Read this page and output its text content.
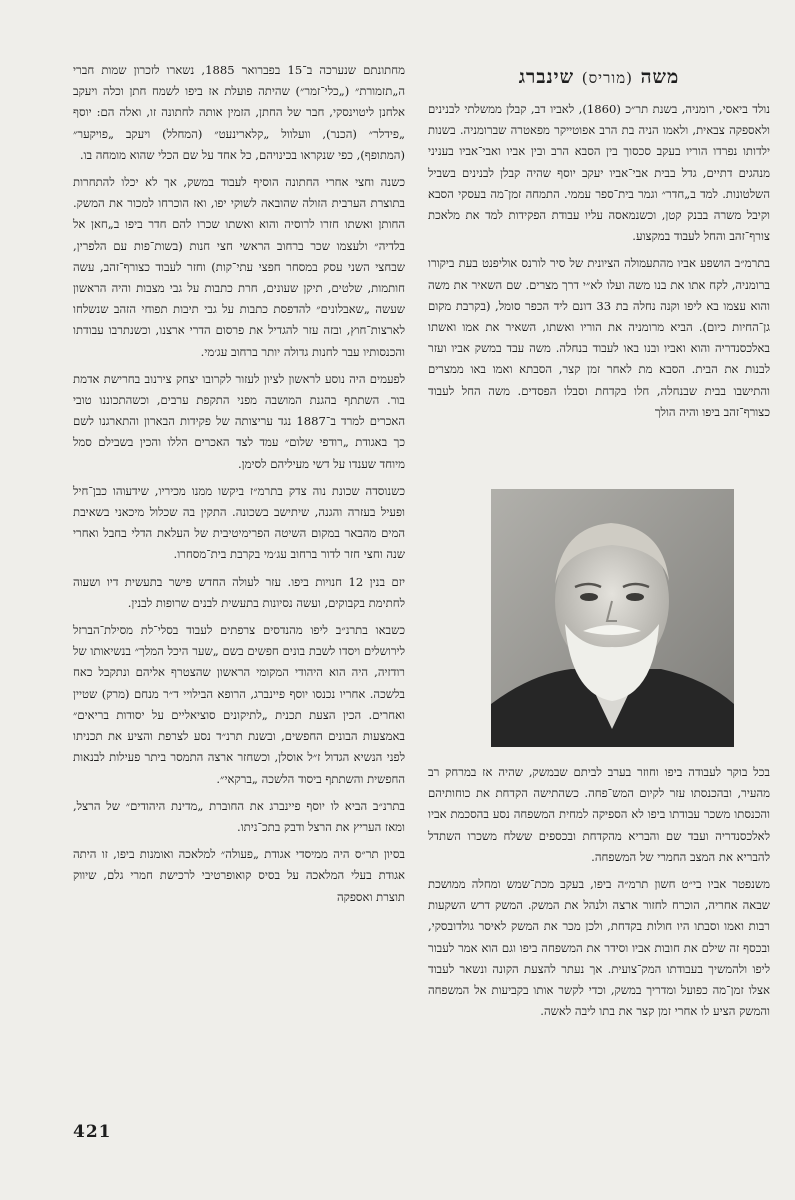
משה (מוריס) שינברג

נולד ביאסי, רומניה, בשנת תר״כ (1860), לאביו דב, קבלן ממשלתי לבנינים ולאספקה צבאית, ולאמו הניה בת הרב אפוטייקר מפאטרה שברומניה. בשנות ילדותו נפרדו הוריו בעקב סכסוך בין הסבא הרב ובין אביו ואבי־אביו בעניני מנהגים דתיים, גדל בבית אבי־אביו יעקב יוסף שהיה קבלן לבנינים בשביל השלטונות. למד ב„חדר״ וגמר בית־ספר עממי. התמחה זמן־מה בעסקי הסבא וקיבל משרה בבנק קטן, וכשנמאסה עליו עבודת הפקידות למד את מלאכת צורף־זהב והחל לעבוד במקצוע.

בתרמ״ב הושפע אביו מהתעמולה הציונית של סיר לורנס אוליפנט בעת ביקורו ברומניה, לקח אתו את בנו משה ועלו לא״י דרך מצרים. שם השאיר את משה והוא עצמו בא ליפו וקנה נחלה בת 33 דונם ליד הכפר סומל, (בקרבת מקום גן־החיות כיום). הביא מרומניה את הוריו ואשתו, השאיר את אמו ואשתו באלכסנדריה והוא ואביו ובנו באו לעבוד בנחלה. משה עבד במשק אביו ועזר לבנות את הבית. הסבא מת לאחר זמן קצר, הסבתא ואמו באו ממצרים והתישבו בבית שבנחלה, חלו בקדחת וסבלו הפסדים. משה החל לעבוד כצורף־זהב ביפו והיה הולך

בכל בוקר לעבודה ביפו וחוזר בערב לביתם שבמשק, שהיה אז במרחק רב מהעיר, ובהכנסתו עזר לקיום המש־פחה. כשהתישה הקדחת את כוחותיהם והכנסתו משכר עבודתו ביפו לא הספיקה למחית המשפחה נסע בהסכמת אביו לאלכסנדריה ועבד שם והבריא מהקדחת ובכספים ששלח משכרו השתדל להבריא את המצב החמרי של המשפחה.

משנפטר אביו בי״ט חשון תרמ״ה ביפו, בעקב מכת־שמש ומחלה ממושכת שבאה אחריה, הוכרח לחזור ארצה ולנהל את המשק. המשק דרש השקעות רבות ואמו וסבתו היו חולות בקדחת, ולכן מכר את המשק לאיסר גולדובסקי, ובכסף זה שילם את חובות אביו וסידר את המשפחה ביפו וגם הוא אמר לעבור ליפו ולהמשיך בעבודתו המק־צועית. אך נעתר להצעת הקונה ונשאר לעבוד אצלו זמן־מה כפועל ומדריך במשק, וכדי לקשר אותו בקביעות אל המשפחה והמשק הציע לו אחרי זמן קצר את בתו ליבה לאשה.

מחתונתם שנערכה ב־15 בפברואר 1885, נשארו לזכרון שמות חברי ה„תזמורת״ („כלי־זמר״) שהיתה פועלת אז ביפו לשמח חתן וכלה ויעקב אלחנן ליטוינסקי, חבר של החתן, הזמין אותה לחתונה זו, ואלה הם: יוסף „פידלר״ (הכנר), וועלוול „קלארינעט״ (המחלל) ויעקב „פויקער״ (המתופף), כפי שנקראו בכינויהם, כל אחד על שם הכלי שהוא מומחה בו.

כשנה וחצי אחרי החתונה הוסיף לעבוד במשק, אך לא יכלו להתחרות בתוצרת הערבית הזולה שהובאה לשוקי יפו, ואז הוכרחו למכור את המשק. החותן ואשתו חזרו לרוסיה והוא ואשתו שכרו להם חדר ביפו ב„חאן אל בלדיה״ ולעצמו שכר ברחוב הראשי חצי חנות (בשות־פות עם הלפרין, שבחצי השני עסק במסחר חפצי עתי־קות) וחזר לעבוד כצורף־זהב, עשה חותמות, שלטים, תיקן שעונים, חרת כתבות על גבי מצבות והיה הראשון שעשה „שאבלונים״ להדפסת כתבות על גבי תיבות תפוחי הזהב שנשלחו לארצות־חוץ, ובזה עזר להגדיל את פרסום הדרי ארצנו, וכשנתרבו עבודתו והכנסותיו עבר לחנות גדולה יותר ברחוב עג׳מי.

לפעמים היה נוסע לראשון לציון לעזור לקרובו יצחק צירנוב בחרישת אדמת בור. השתתף בהגנת המושבה מפני התקפת ערבים, וכשהתכוננו טובי האכרים למרד ב־1887 נגד עריצותה של פקידות הבארון והתארגנו לשם כך באגודת „רודפי שלום״ עמד לצד האכרים הללו והכין בשבילם סמל מיוחד שענדו על דשי מעיליהם לסימן.

כשנוסדה שכונת נוה צדק בתרמ״ז ביקשו ממנו מכיריו, שידעוהו כבן־חיל ופעיל בעזרה והגנה, שיתישב בשכונה. התקין בה שכלול מיכאני בשאיבת המים מהבאר במקום השיטה הפרימיטיבית של העלאת הדלי בחבל ואחרי שנה וחצי חזר לדור ברחוב עג׳מי בקרבת בית־מסחרו.

יזם בנין 12 חנויות ביפו. עזר לעולה החדש פישר בתעשית דיו ושעוה לחתימת בקבוקים, ועשה נסיונות בתעשית לבנים שרופות לבנין.

כשבאו בתרנ״ב ליפו מהנדסים צרפתים לעבוד בסלי־לת מסילת־הברזל לירושלים ויסדו לשבת בונים חפשים בשם „שער היכל המלך״ בנשיאותו של רודזיה, היה הוא היהודי המקומי הראשון שהצטרף אליהם ונתקבל כאח בלשכה. אחריו נכנסו יוסף פיינברג, הרופא הבילויי ד״ר מנחם (מרק) שטיין ואחרים. הכין הצעת תכנית „לתיקונים סוציאליים על יסודות בריאים״ באמצעות הבונים החפשים, ובשנת תרנ״ד נסע לצרפת והציע את תכניתו לפני הנשיא הגדול ז״ל אוסלן, וכשחזר ארצה התמסר ביתר פעילות לבנאות החפשית והשתתף ביסוד הלשכה „ברקאי״.

בתרנ״ב הביא לו יוסף פיינברג את החוברת „מדינת היהודים״ של הרצל, ומאז העריץ את הרצל ודבק בתכ־ניתו.

בסיון תר״ס היה ממיסדי אגודת „פעולה״ למלאכה ואומנות ביפו, זו היתה אגודת בעלי המלאכה על בסיס קואופרטיבי לרכישת חמרי גלם, שיווק תוצרת ואספקה

421
